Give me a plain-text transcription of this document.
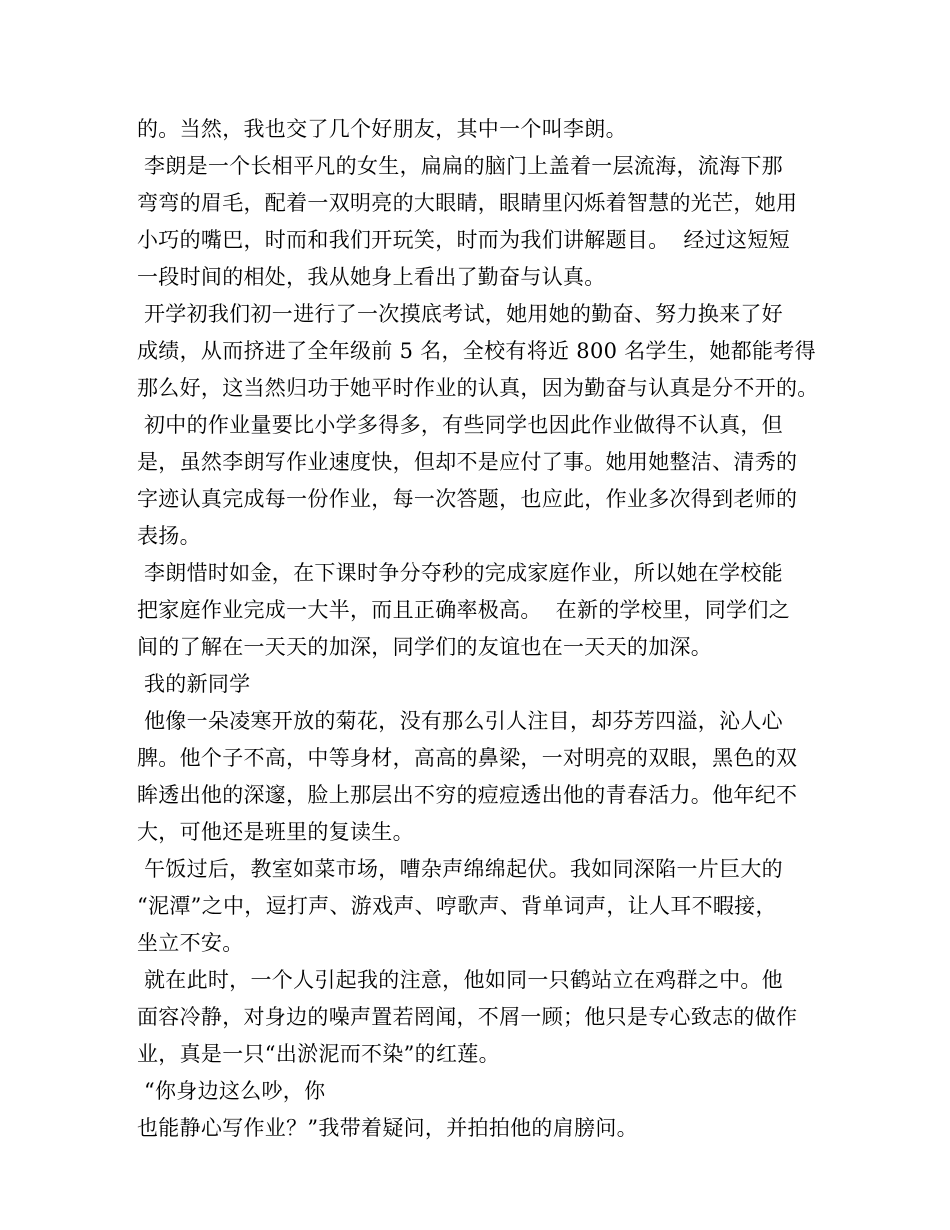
的。当然，我也交了几个好朋友，其中一个叫李朗。
李朗是一个长相平凡的女生，扁扁的脑门上盖着一层流海，流海下那
弯弯的眉毛，配着一双明亮的大眼睛，眼睛里闪烁着智慧的光芒，她用
小巧的嘴巴，时而和我们开玩笑，时而为我们讲解题目。  经过这短短
一段时间的相处，我从她身上看出了勤奋与认真。
开学初我们初一进行了一次摸底考试，她用她的勤奋、努力换来了好
成绩，从而挤进了全年级前 5 名，全校有将近 800 名学生，她都能考得
那么好，这当然归功于她平时作业的认真，因为勤奋与认真是分不开的。
初中的作业量要比小学多得多，有些同学也因此作业做得不认真，但
是，虽然李朗写作业速度快，但却不是应付了事。她用她整洁、清秀的
字迹认真完成每一份作业，每一次答题，也应此，作业多次得到老师的
表扬。
李朗惜时如金，在下课时争分夺秒的完成家庭作业，所以她在学校能
把家庭作业完成一大半，而且正确率极高。  在新的学校里，同学们之
间的了解在一天天的加深，同学们的友谊也在一天天的加深。
我的新同学
他像一朵凌寒开放的菊花，没有那么引人注目，却芬芳四溢，沁人心
脾。他个子不高，中等身材，高高的鼻梁，一对明亮的双眼，黑色的双
眸透出他的深邃，脸上那层出不穷的痘痘透出他的青春活力。他年纪不
大，可他还是班里的复读生。
午饭过后，教室如菜市场，嘈杂声绵绵起伏。我如同深陷一片巨大的
“泥潭”之中，逗打声、游戏声、哼歌声、背单词声，让人耳不暇接，
坐立不安。
就在此时，一个人引起我的注意，他如同一只鹤站立在鸡群之中。他
面容冷静，对身边的噪声置若罔闻，不屑一顾；他只是专心致志的做作
业，真是一只“出淤泥而不染”的红莲。
“你身边这么吵，你
也能静心写作业？”我带着疑问，并拍拍他的肩膀问。
